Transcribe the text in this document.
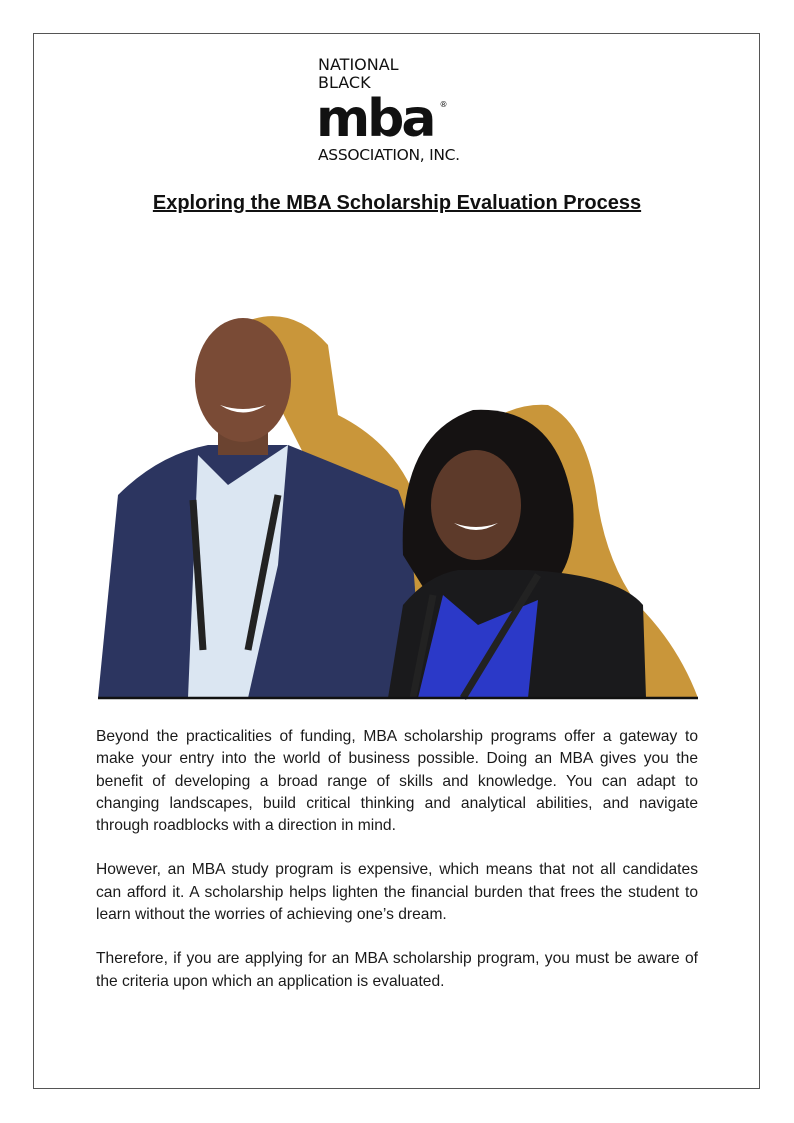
NATIONAL
BLACK
mba ®
ASSOCIATION, INC.
Exploring the MBA Scholarship Evaluation Process

Beyond the practicalities of funding, MBA scholarship programs offer a gateway to make your entry into the world of business possible. Doing an MBA gives you the benefit of developing a broad range of skills and knowledge. You can adapt to changing landscapes, build critical thinking and analytical abilities, and navigate through roadblocks with a direction in mind.

However, an MBA study program is expensive, which means that not all candidates can afford it. A scholarship helps lighten the financial burden that frees the student to learn without the worries of achieving one’s dream.

Therefore, if you are applying for an MBA scholarship program, you must be aware of the criteria upon which an application is evaluated.
